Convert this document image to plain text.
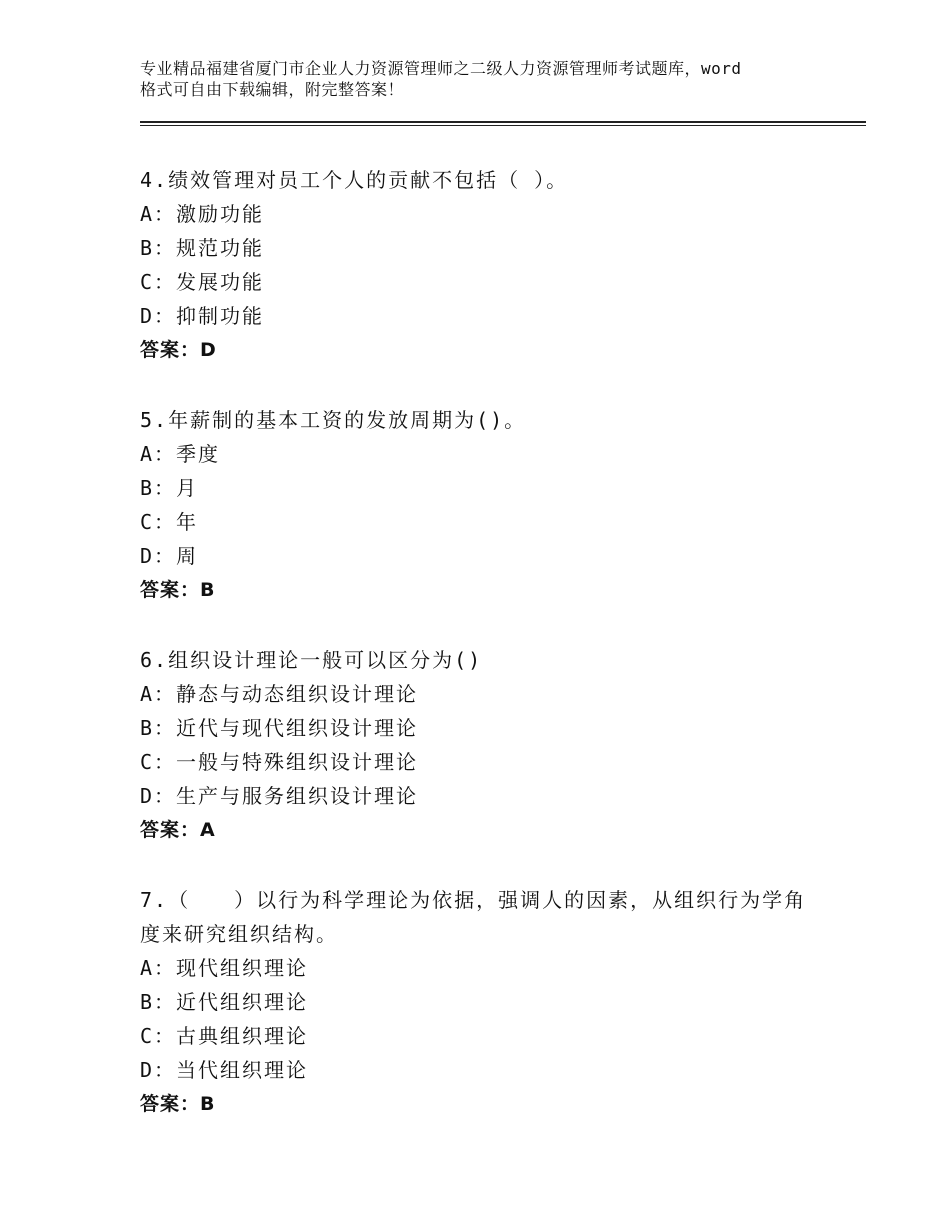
专业精品福建省厦门市企业人力资源管理师之二级人力资源管理师考试题库，word
格式可自由下载编辑，附完整答案！

4.绩效管理对员工个人的贡献不包括（ ）。

A：激励功能

B：规范功能

C：发展功能

D：抑制功能

答案：D

5.年薪制的基本工资的发放周期为()。

A：季度

B：月

C：年

D：周

答案：B

6.组织设计理论一般可以区分为()

A：静态与动态组织设计理论

B：近代与现代组织设计理论

C：一般与特殊组织设计理论

D：生产与服务组织设计理论

答案：A

7.（　　）以行为科学理论为依据，强调人的因素，从组织行为学角

度来研究组织结构。

A：现代组织理论

B：近代组织理论

C：古典组织理论

D：当代组织理论

答案：B
